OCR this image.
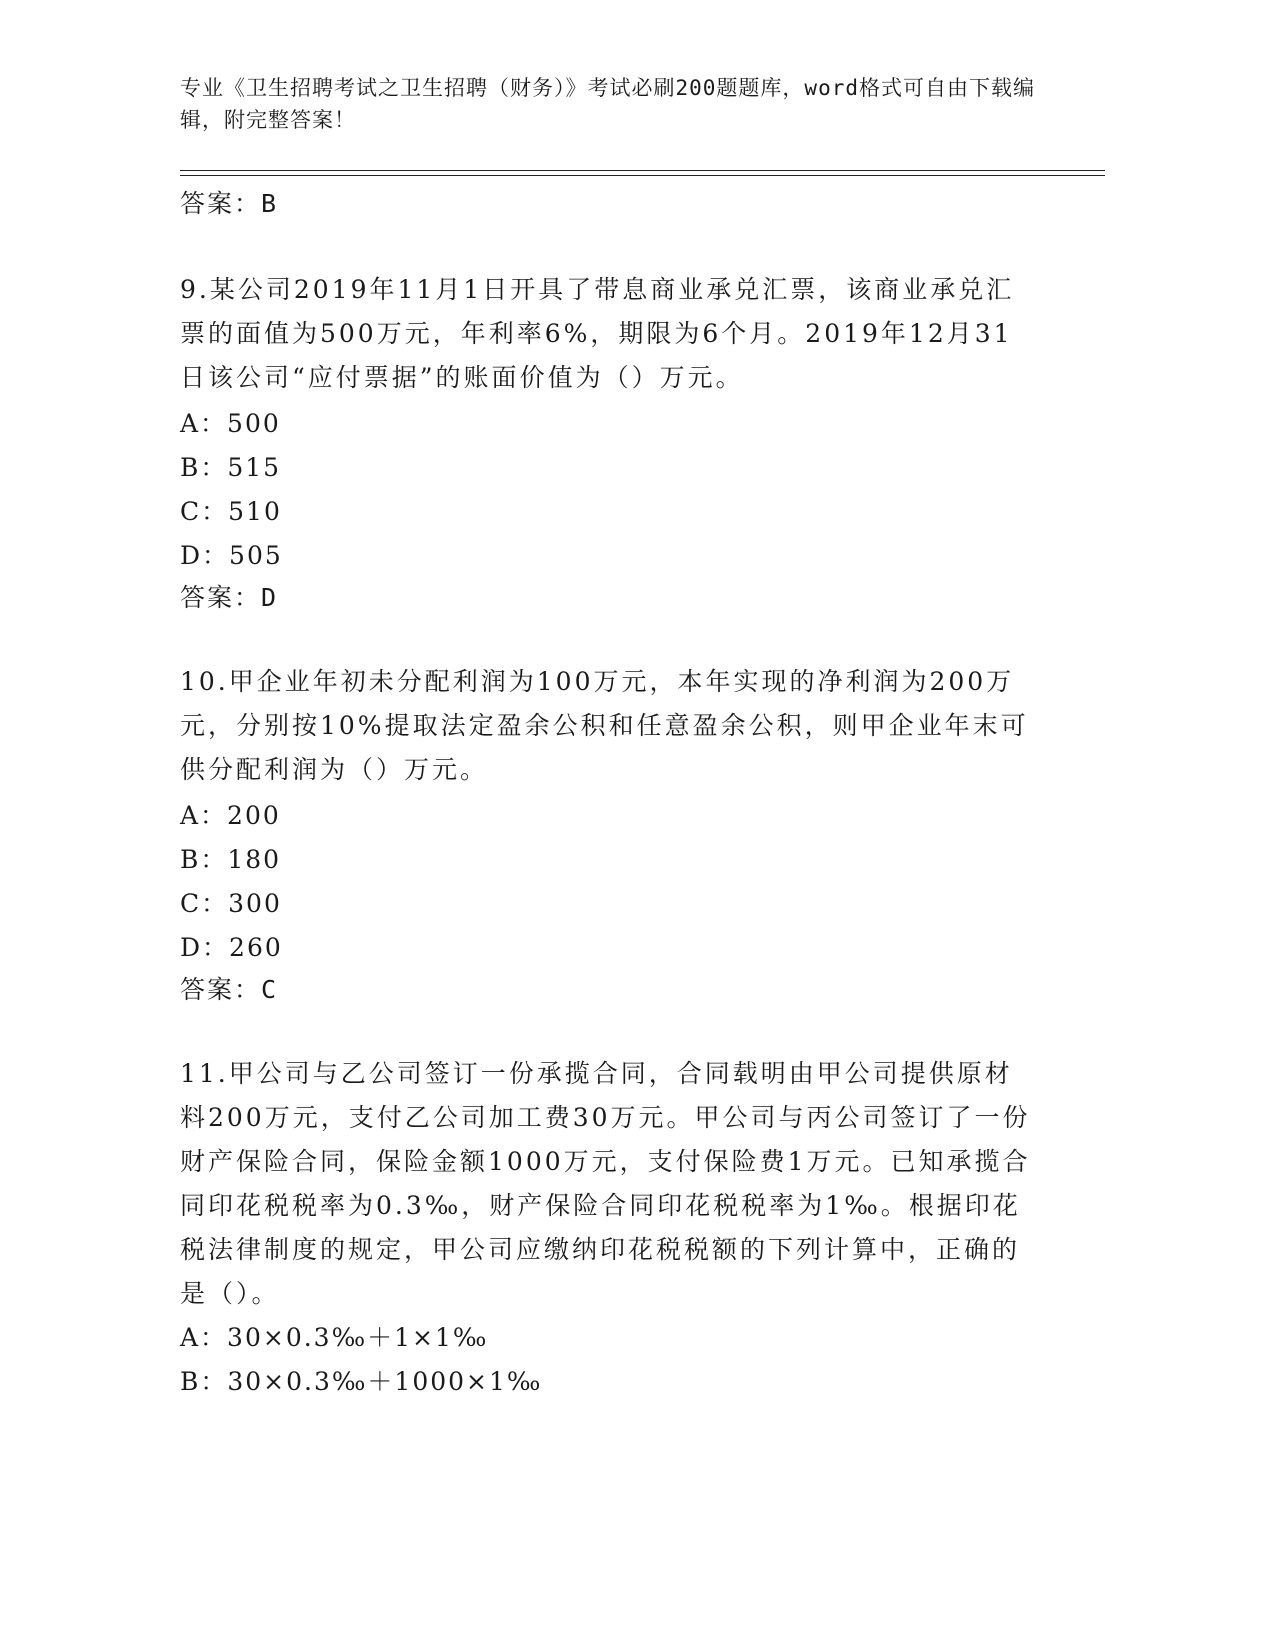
专业《卫生招聘考试之卫生招聘（财务）》考试必刷200题题库，word格式可自由下载编辑，附完整答案！
答案：B
9.某公司2019年11月1日开具了带息商业承兑汇票，该商业承兑汇票的面值为500万元，年利率6%，期限为6个月。2019年12月31日该公司“应付票据”的账面价值为（）万元。
A：500
B：515
C：510
D：505
答案：D
10.甲企业年初未分配利润为100万元，本年实现的净利润为200万元，分别按10%提取法定盈余公积和任意盈余公积，则甲企业年末可供分配利润为（）万元。
A：200
B：180
C：300
D：260
答案：C
11.甲公司与乙公司签订一份承揽合同，合同载明由甲公司提供原材料200万元，支付乙公司加工费30万元。甲公司与丙公司签订了一份财产保险合同，保险金额1000万元，支付保险费1万元。已知承揽合同印花税税率为0.3‰，财产保险合同印花税税率为1‰。根据印花税法律制度的规定，甲公司应缴纳印花税税额的下列计算中，正确的是（）。
A：30×0.3‰＋1×1‰
B：30×0.3‰＋1000×1‰
